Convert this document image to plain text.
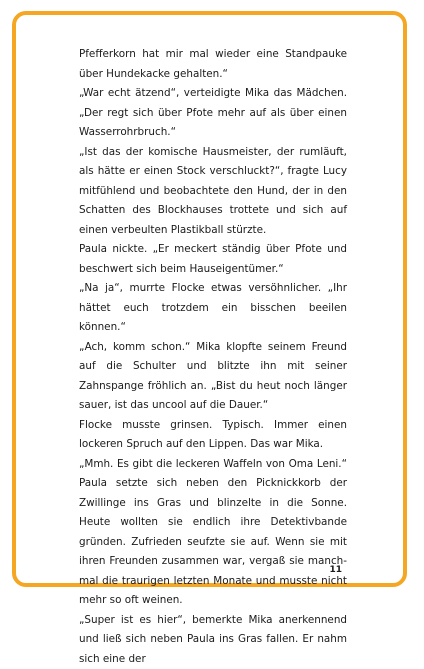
Pfefferkorn hat mir mal wieder eine Standpauke über Hundekacke gehalten.“

„War echt ätzend“, verteidigte Mika das Mädchen. „Der regt sich über Pfote mehr auf als über einen Wasserrohrbruch.“

„Ist das der komische Hausmeister, der rumläuft, als hätte er einen Stock verschluckt?“, fragte Lucy mitfühlend und beobachtete den Hund, der in den Schatten des Blockhauses trottete und sich auf einen verbeulten Plastikball stürzte.

Paula nickte. „Er meckert ständig über Pfote und beschwert sich beim Hauseigentümer.“

„Na ja“, murrte Flocke etwas versöhnlicher. „Ihr hättet euch trotzdem ein bisschen beeilen können.“

„Ach, komm schon.“ Mika klopfte seinem Freund auf die Schulter und blitzte ihn mit seiner Zahnspange fröhlich an. „Bist du heut noch länger sauer, ist das uncool auf die Dauer.“

Flocke musste grinsen. Typisch. Immer einen lockeren Spruch auf den Lippen. Das war Mika.

„Mmh. Es gibt die leckeren Waffeln von Oma Leni.“ Paula setzte sich neben den Picknickkorb der Zwillinge ins Gras und blinzelte in die Sonne. Heute wollten sie endlich ihre Detektivbande gründen. Zufrieden seufzte sie auf. Wenn sie mit ihren Freunden zusammen war, vergaß sie manchmal die traurigen letzten Monate und musste nicht mehr so oft weinen.

„Super ist es hier“, bemerkte Mika anerkennend und ließ sich neben Paula ins Gras fallen. Er nahm sich eine der

11
